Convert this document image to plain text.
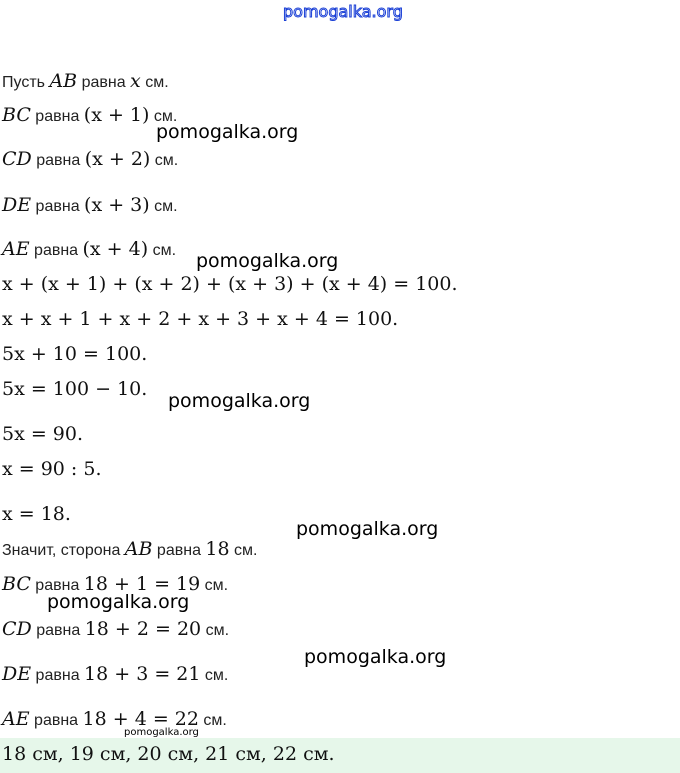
pomogalka.org
Пусть AB равна x см.
BC равна (x + 1) см.
CD равна (x + 2) см.
DE равна (x + 3) см.
AE равна (x + 4) см.
x + (x + 1) + (x + 2) + (x + 3) + (x + 4) = 100.
x + x + 1 + x + 2 + x + 3 + x + 4 = 100.
5x + 10 = 100.
5x = 100 − 10.
5x = 90.
x = 90 : 5.
x = 18.
Значит, сторона AB равна 18 см.
BC равна 18 + 1 = 19 см.
CD равна 18 + 2 = 20 см.
DE равна 18 + 3 = 21 см.
AE равна 18 + 4 = 22 см.
18 см, 19 см, 20 см, 21 см, 22 см.
pomogalka.org
pomogalka.org
pomogalka.org
pomogalka.org
pomogalka.org
pomogalka.org
pomogalka.org
